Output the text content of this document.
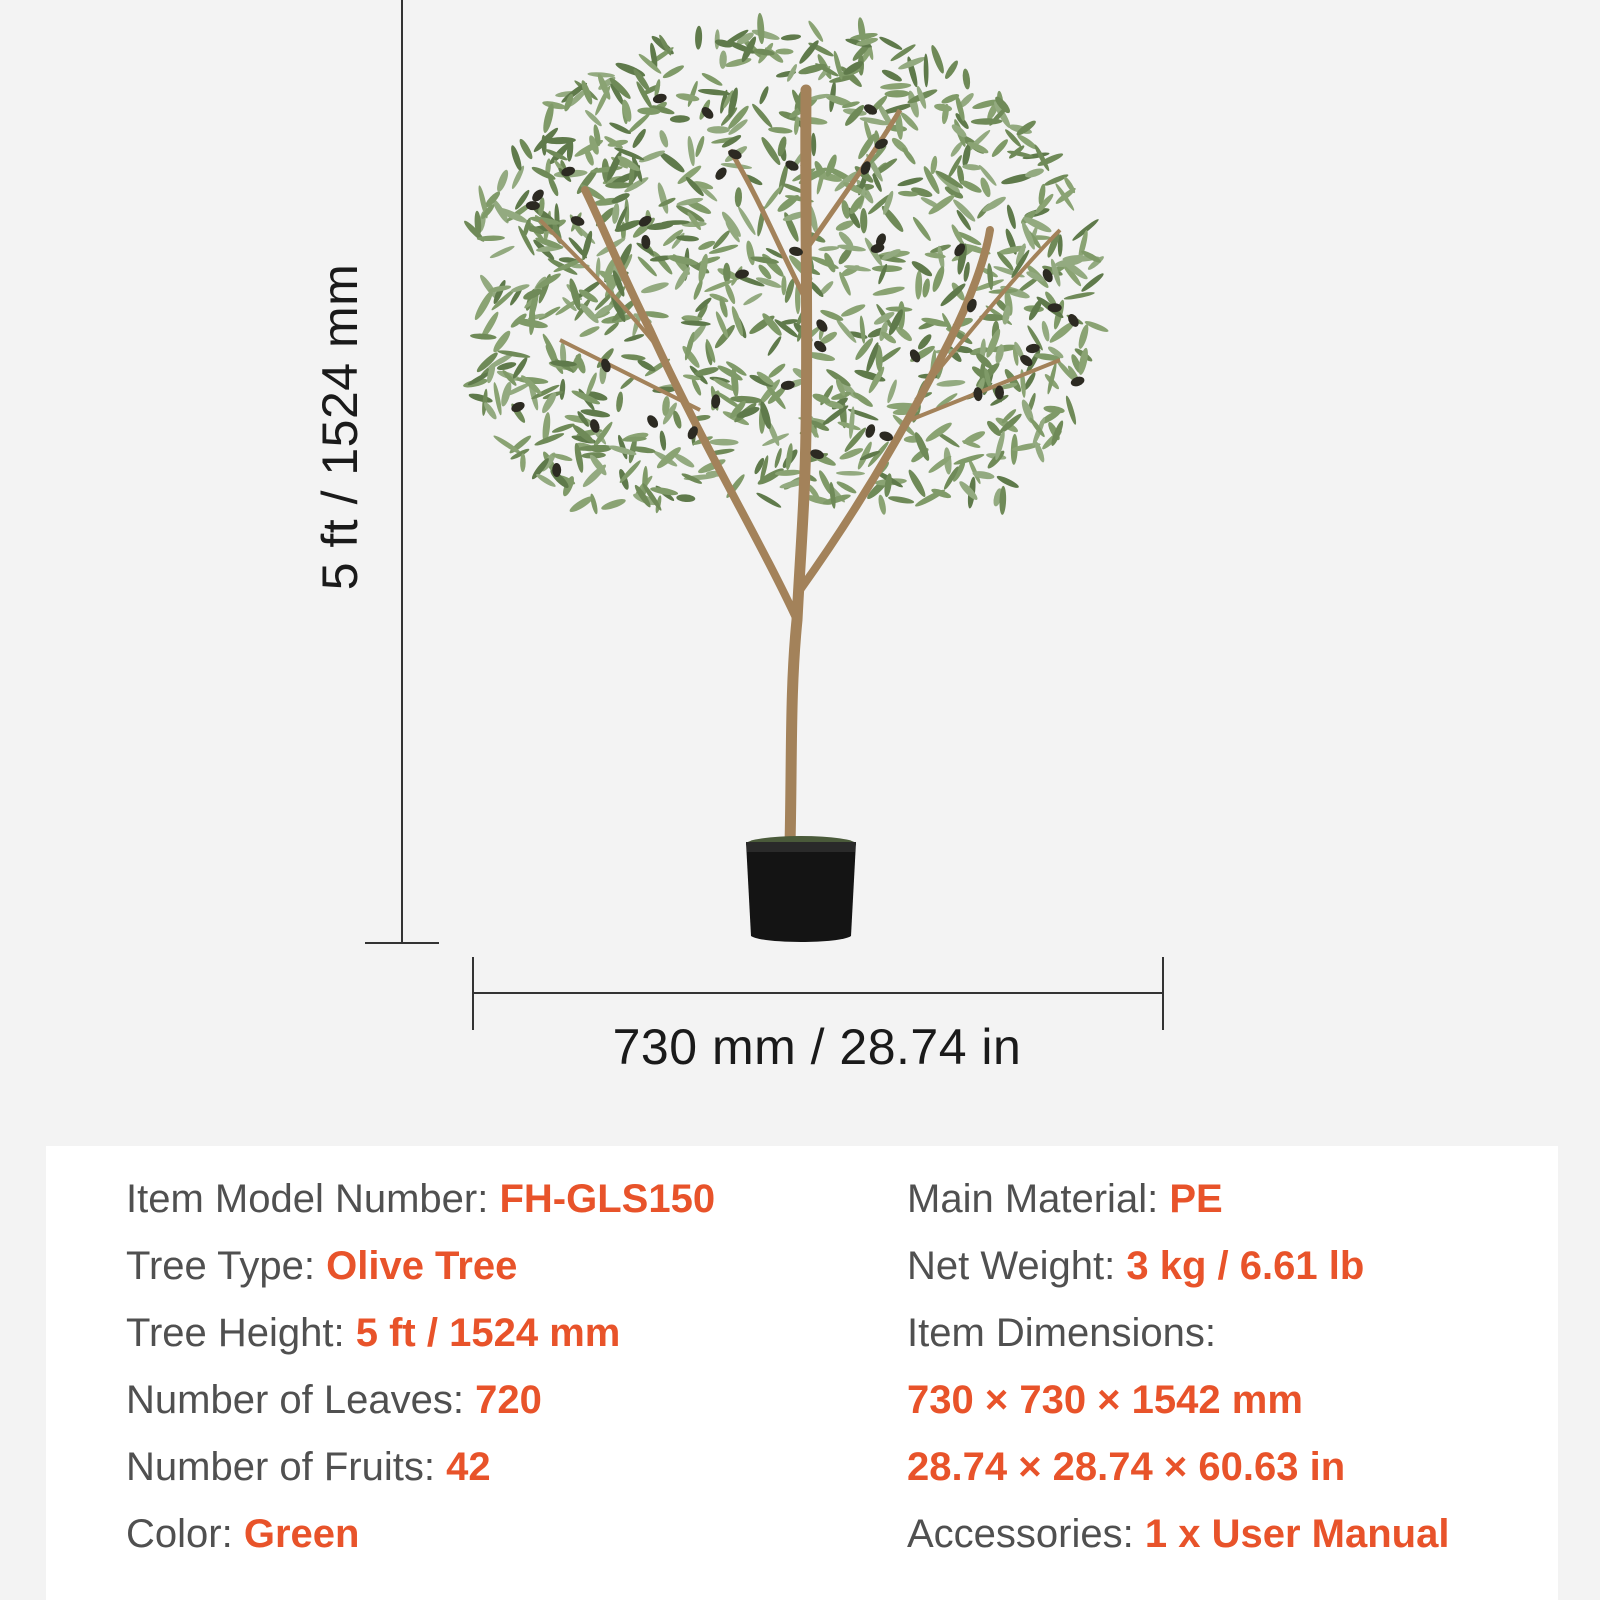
5 ft / 1524 mm
730 mm / 28.74 in
Item Model Number: FH-GLS150
Tree Type: Olive Tree
Tree Height: 5 ft / 1524 mm
Number of Leaves: 720
Number of Fruits: 42
Color: Green
Main Material: PE
Net Weight: 3 kg / 6.61 lb
Item Dimensions:
730 × 730 × 1542 mm
28.74 × 28.74 × 60.63 in
Accessories: 1 x User Manual
